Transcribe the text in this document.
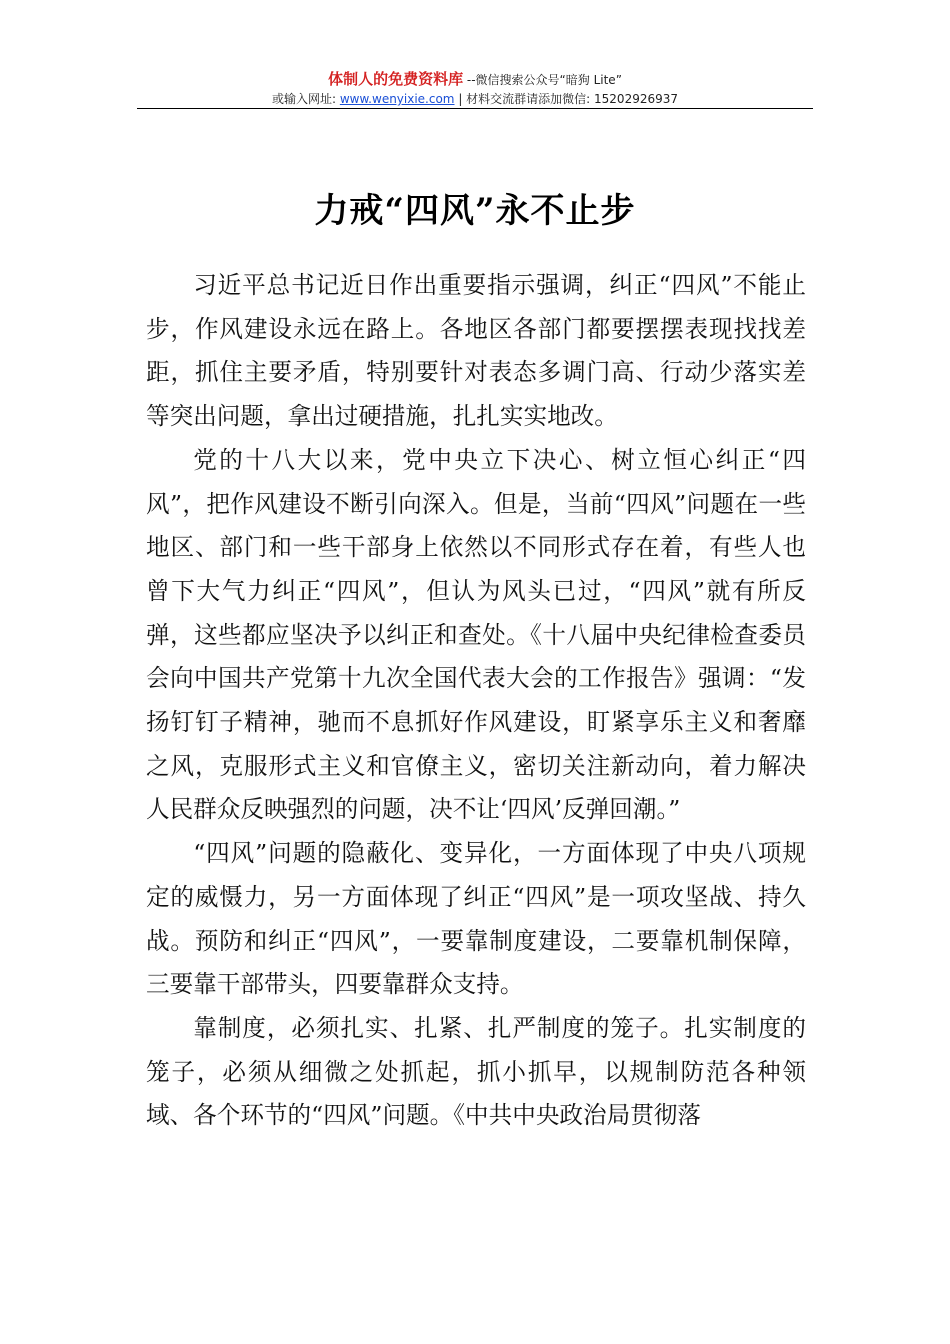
体制人的免费资料库 --微信搜索公众号“暗狗 Lite”
或输入网址: www.wenyixie.com | 材料交流群请添加微信: 15202926937
力戒“四风”永不止步

习近平总书记近日作出重要指示强调，纠正“四风”不能止步，作风建设永远在路上。各地区各部门都要摆摆表现找找差距，抓住主要矛盾，特别要针对表态多调门高、行动少落实差等突出问题，拿出过硬措施，扎扎实实地改。

党的十八大以来，党中央立下决心、树立恒心纠正“四风”，把作风建设不断引向深入。但是，当前“四风”问题在一些地区、部门和一些干部身上依然以不同形式存在着，有些人也曾下大气力纠正“四风”，但认为风头已过，“四风”就有所反弹，这些都应坚决予以纠正和查处。《十八届中央纪律检查委员会向中国共产党第十九次全国代表大会的工作报告》强调：“发扬钉钉子精神，驰而不息抓好作风建设，盯紧享乐主义和奢靡之风，克服形式主义和官僚主义，密切关注新动向，着力解决人民群众反映强烈的问题，决不让‘四风’反弹回潮。”

“四风”问题的隐蔽化、变异化，一方面体现了中央八项规定的威慑力，另一方面体现了纠正“四风”是一项攻坚战、持久战。预防和纠正“四风”，一要靠制度建设，二要靠机制保障，三要靠干部带头，四要靠群众支持。

靠制度，必须扎实、扎紧、扎严制度的笼子。扎实制度的笼子，必须从细微之处抓起，抓小抓早，以规制防范各种领域、各个环节的“四风”问题。《中共中央政治局贯彻落
